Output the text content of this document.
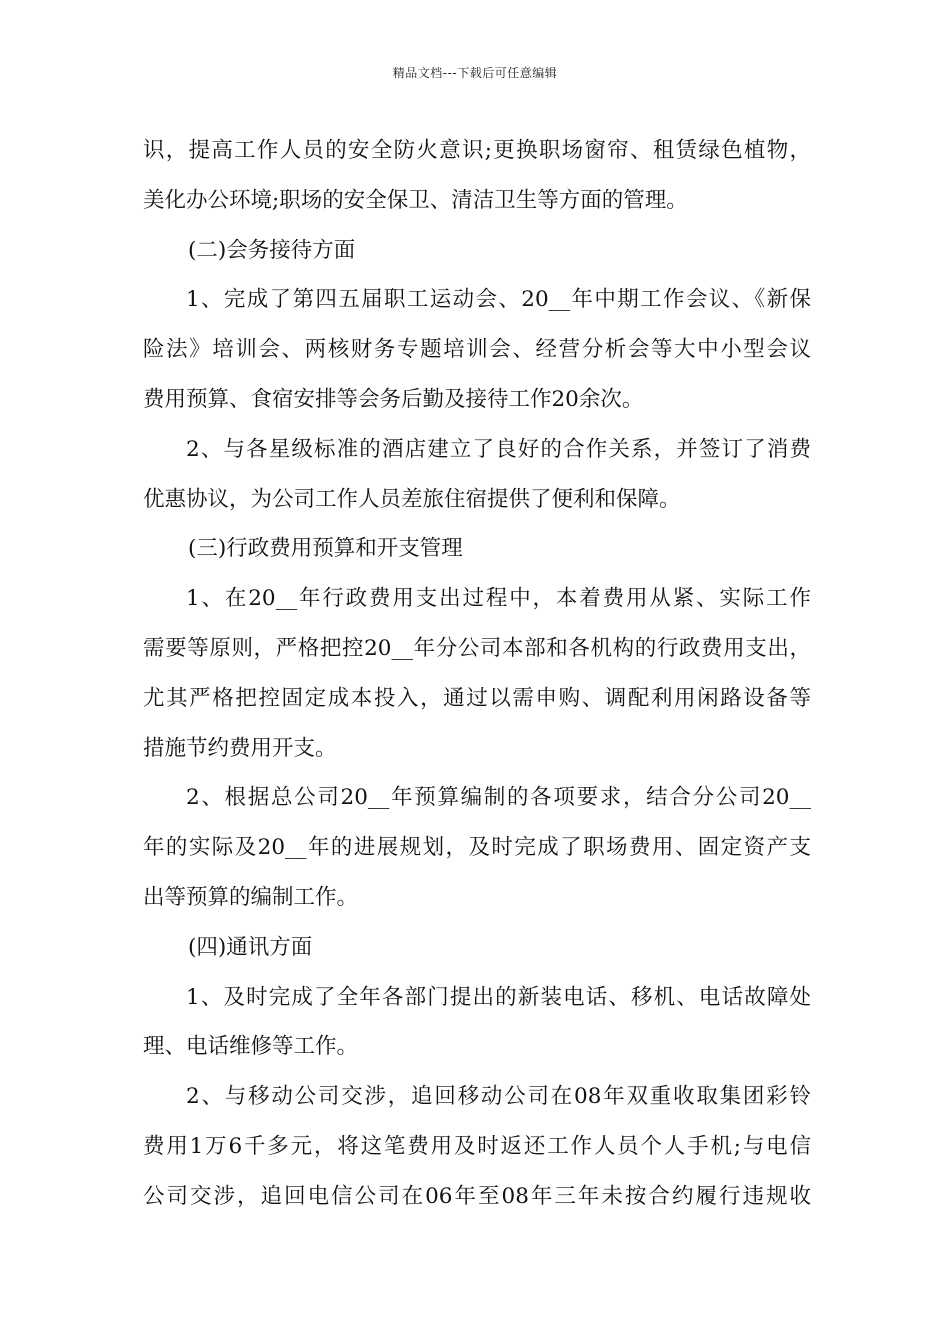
精品文档---下载后可任意编辑
识，提高工作人员的安全防火意识;更换职场窗帘、租赁绿色植物，
美化办公环境;职场的安全保卫、清洁卫生等方面的管理。
(二)会务接待方面
1、完成了第四五届职工运动会、20__年中期工作会议、《新保
险法》培训会、两核财务专题培训会、经营分析会等大中小型会议
费用预算、食宿安排等会务后勤及接待工作20余次。
2、与各星级标准的酒店建立了良好的合作关系，并签订了消费
优惠协议，为公司工作人员差旅住宿提供了便利和保障。
(三)行政费用预算和开支管理
1、在20__年行政费用支出过程中，本着费用从紧、实际工作
需要等原则，严格把控20__年分公司本部和各机构的行政费用支出，
尤其严格把控固定成本投入，通过以需申购、调配利用闲路设备等
措施节约费用开支。
2、根据总公司20__年预算编制的各项要求，结合分公司20__
年的实际及20__年的进展规划，及时完成了职场费用、固定资产支
出等预算的编制工作。
(四)通讯方面
1、及时完成了全年各部门提出的新装电话、移机、电话故障处
理、电话维修等工作。
2、与移动公司交涉，追回移动公司在08年双重收取集团彩铃
费用1万6千多元，将这笔费用及时返还工作人员个人手机;与电信
公司交涉，追回电信公司在06年至08年三年未按合约履行违规收
